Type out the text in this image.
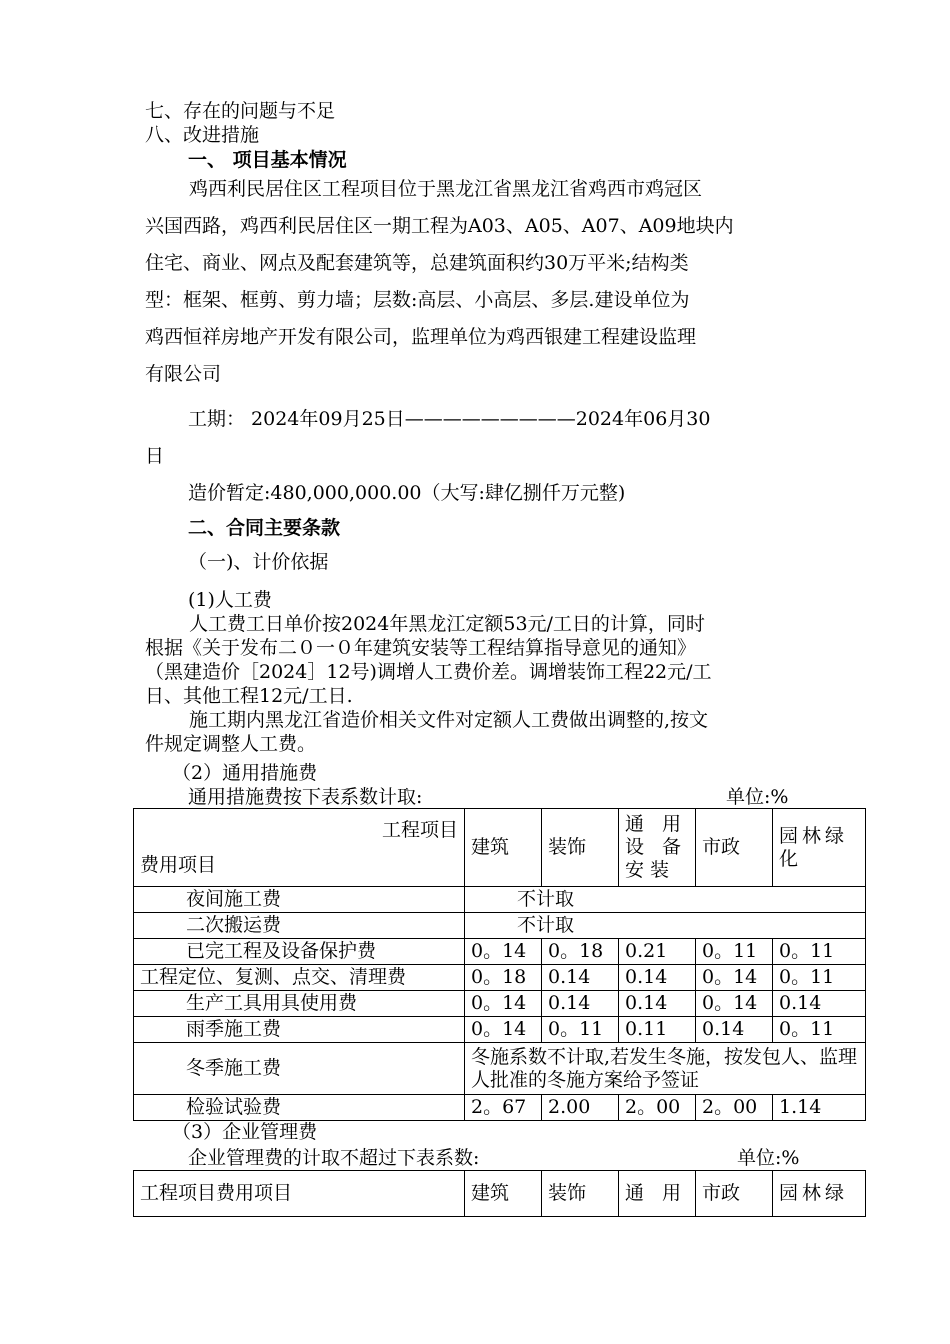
七、存在的问题与不足
八、改进措施
一、 项目基本情况
鸡西利民居住区工程项目位于黑龙江省黑龙江省鸡西市鸡冠区
兴国西路，鸡西利民居住区一期工程为A03、A05、A07、A09地块内
住宅、商业、网点及配套建筑等，总建筑面积约30万平米;结构类
型：框架、框剪、剪力墙；层数:高层、小高层、多层.建设单位为
鸡西恒祥房地产开发有限公司，监理单位为鸡西银建工程建设监理
有限公司
工期： 2024年09月25日—————————2024年06月30
日
造价暂定:480,000,000.00（大写:肆亿捌仟万元整)
二、合同主要条款
（一)、计价依据
(1)人工费
人工费工日单价按2024年黑龙江定额53元/工日的计算，同时
根据《关于发布二０一０年建筑安装等工程结算指导意见的通知》
（黑建造价［2024］12号)调增人工费价差。调增装饰工程22元/工
日、其他工程12元/工日.
施工期内黑龙江省造价相关文件对定额人工费做出调整的,按文
件规定调整人工费。
（2）通用措施费
通用措施费按下表系数计取:	单位:%
工程项目
费用项目	建筑	装饰	通 用 设 备 安装	市政	园林绿化
夜间施工费	不计取				
二次搬运费	不计取				
已完工程及设备保护费	0。14	0。18	0.21	0。11	0。11
工程定位、复测、点交、清理费	0。18	0.14	0.14	0。14	0。11
生产工具用具使用费	0。14	0.14	0.14	0。14	0.14
雨季施工费	0。14	0。11	0.11	0.14	0。11
冬季施工费	冬施系数不计取,若发生冬施，按发包人、监理人批准的冬施方案给予签证				
检验试验费	2。67	2.00	2。00	2。00	1.14
（3）企业管理费
企业管理费的计取不超过下表系数:	单位:%
工程项目费用项目	建筑	装饰	通 用	市政	园林绿
